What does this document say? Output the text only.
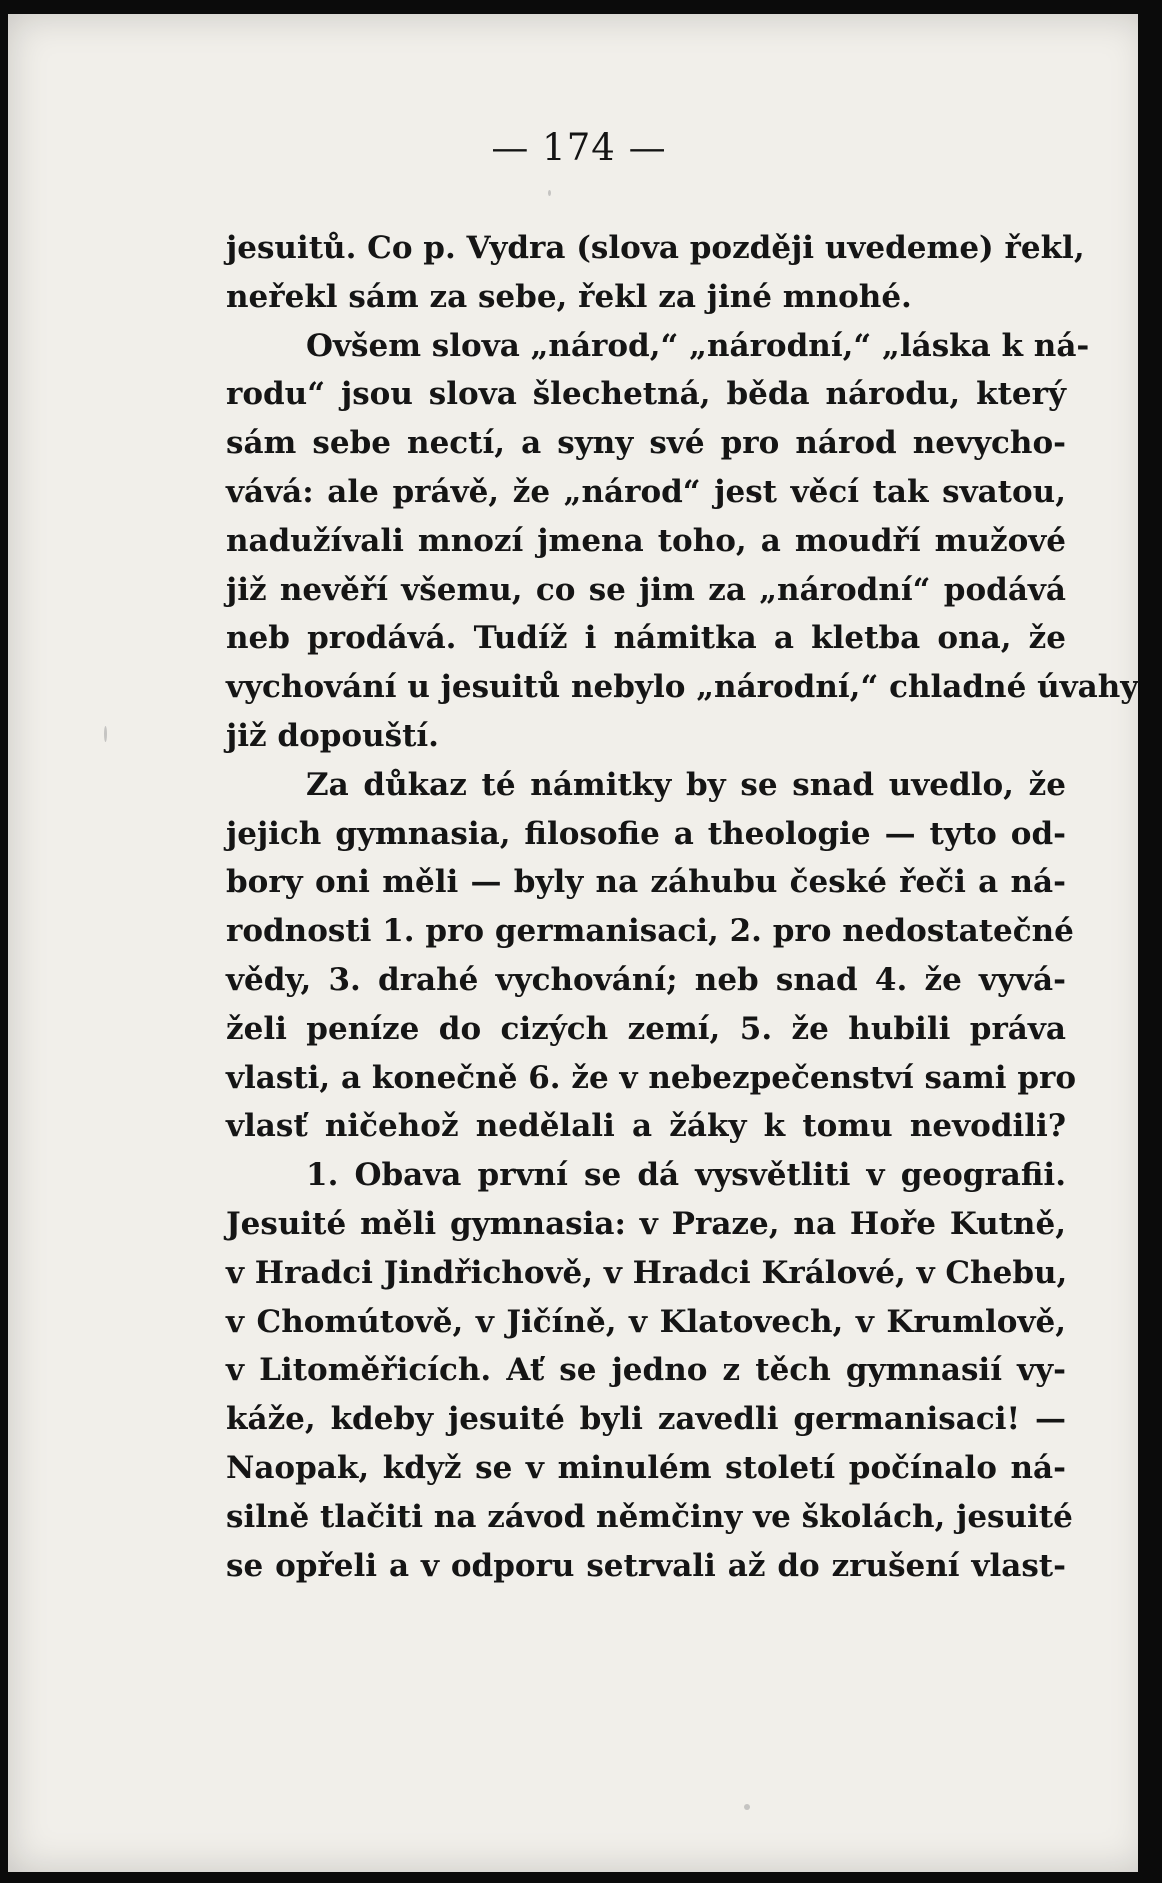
— 174 —
jesuitů. Co p. Vydra (slova později uvedeme) řekl,
neřekl sám za sebe, řekl za jiné mnohé.
Ovšem slova „národ,“ „národní,“ „láska k ná-
rodu“ jsou slova šlechetná, běda národu, který
sám sebe nectí, a syny své pro národ nevycho-
vává: ale právě, že „národ“ jest věcí tak svatou,
nadužívali mnozí jmena toho, a moudří mužové
již nevěří všemu, co se jim za „národní“ podává
neb prodává. Tudíž i námitka a kletba ona, že
vychování u jesuitů nebylo „národní,“ chladné úvahy
již dopouští.
Za důkaz té námitky by se snad uvedlo, že
jejich gymnasia, filosofie a theologie — tyto od-
bory oni měli — byly na záhubu české řeči a ná-
rodnosti 1. pro germanisaci, 2. pro nedostatečné
vědy, 3. drahé vychování; neb snad 4. že vyvá-
želi peníze do cizých zemí, 5. že hubili práva
vlasti, a konečně 6. že v nebezpečenství sami pro
vlasť ničehož nedělali a žáky k tomu nevodili?
1. Obava první se dá vysvětliti v geografii.
Jesuité měli gymnasia: v Praze, na Hoře Kutně,
v Hradci Jindřichově, v Hradci Králové, v Chebu,
v Chomútově, v Jičíně, v Klatovech, v Krumlově,
v Litoměřicích. Ať se jedno z těch gymnasií vy-
káže, kdeby jesuité byli zavedli germanisaci! —
Naopak, když se v minulém století počínalo ná-
silně tlačiti na závod němčiny ve školách, jesuité
se opřeli a v odporu setrvali až do zrušení vlast-
